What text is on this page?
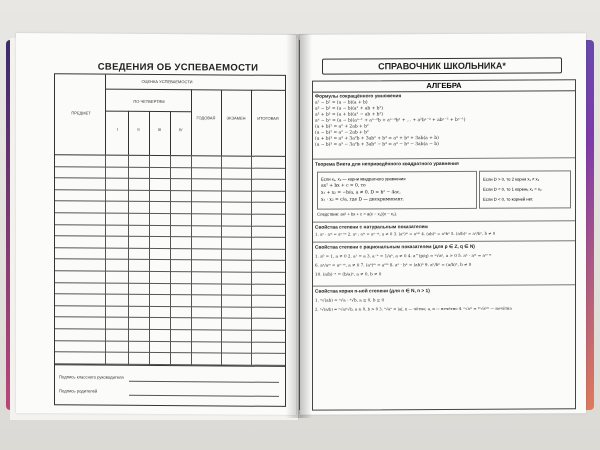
СВЕДЕНИЯ ОБ УСПЕВАЕМОСТИ
ПРЕДМЕТ
ОЦЕНКА УСПЕВАЕМОСТИ
ПО ЧЕТВЕРТЯМ
I	II	III	IV
ГОДОВАЯ	ЭКЗАМЕН	ИТОГОВАЯ
Подпись классного руководителя
Подпись родителей
СПРАВОЧНИК ШКОЛЬНИКА*
АЛГЕБРА
Формулы сокращённого умножения
a² − b² = (a − b)(a + b)
a³ − b³ = (a − b)(a² + ab + b²)
a³ + b³ = (a + b)(a² − ab + b²)
aⁿ − bⁿ = (a − b)(aⁿ⁻¹ + aⁿ⁻²b + aⁿ⁻³b² + ... + a²bⁿ⁻³ + abⁿ⁻² + bⁿ⁻¹)
(a + b)² = a² + 2ab + b²
(a − b)² = a² − 2ab + b²
(a + b)³ = a³ + 3a²b + 3ab² + b³ = a³ + b³ + 3ab(a + b)
(a − b)³ = a³ − 3a²b + 3ab² − b³ = a³ − b³ − 3ab(a − b)
Теорема Виета для неприведённого квадратного уравнения
Если x₁, x₂ — корни квадратного уравнения
ax² + bx + c = 0, то
x₁ + x₂ = −b/a, a ≠ 0, D = b² − 4ac,
x₁ · x₂ = c/a, где D — дискриминант.
Если D > 0, то 2 корня x₁ ≠ x₂
Если D = 0, то 1 корень x₁ = x₂
Если D < 0, то корней нет.
Следствие: ax² + bx + c = a(x − x₁)(x − x₂).
Свойства степени с натуральным показателем
1. aⁿ · aᵐ = aⁿ⁺ᵐ 2. aⁿ : aᵐ = aⁿ⁻ᵐ, a ≠ 0 3. (aⁿ)ᵐ = aⁿᵐ 4. (ab)ⁿ = aⁿbⁿ 5. (a/b)ⁿ = aⁿ/bⁿ, b ≠ 0
Свойства степени с рациональным показателем (для p ∈ Z, q ∈ N)
1. a⁰ = 1, a ≠ 0 2. a¹ = a 3. a⁻ⁿ = 1/aⁿ, a ≠ 0 4. a^(p/q) = ᵠ√aᵖ, a > 0 5. aⁿ · aᵐ = aⁿ⁺ᵐ
6. aⁿ/aᵐ = aⁿ⁻ᵐ, a ≠ 0 7. (aⁿ)ᵐ = aⁿᵐ 8. aⁿ · bⁿ = (ab)ⁿ 9. aⁿ/bⁿ = (a/b)ⁿ, b ≠ 0
10. (a/b)⁻ⁿ = (b/a)ⁿ, a ≠ 0, b ≠ 0
Свойства корня n-ной степени (для n ∈ N, n > 1)
1. ⁿ√(ab) = ⁿ√a · ⁿ√b, a ≥ 0, b ≥ 0
2. ⁿ√(a/b) = ⁿ√a/ⁿ√b, a ≥ 0, b > 0 3. ⁿ√aⁿ = |a|, n — чётно; a, n — нечётно 4. ⁿ√aᵐ = ᵏⁿ√aᵏᵐ — нечётно
